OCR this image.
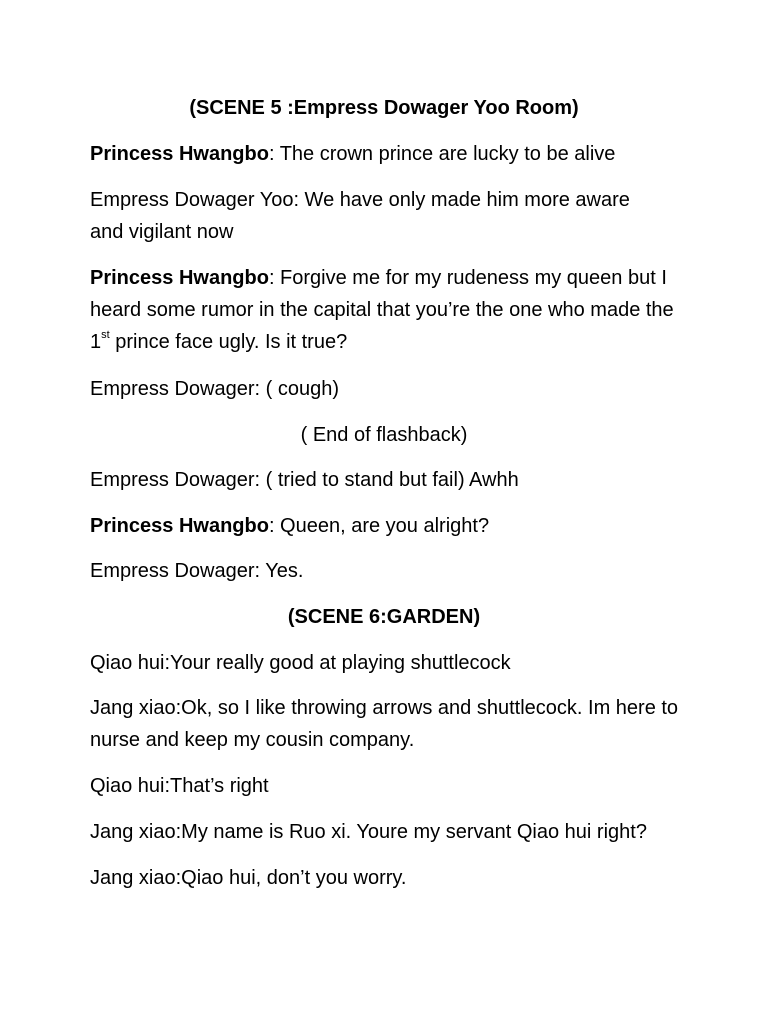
(SCENE 5 :Empress Dowager Yoo Room)
Princess Hwangbo: The crown prince are lucky to be alive
Empress Dowager Yoo: We have only made him more aware and vigilant now
Princess Hwangbo: Forgive me for my rudeness my queen but I heard some rumor in the capital that you’re the one who made the 1st prince face ugly. Is it true?
Empress Dowager: ( cough)
( End of flashback)
Empress Dowager: ( tried to stand but fail) Awhh
Princess Hwangbo: Queen, are you alright?
Empress Dowager: Yes.
(SCENE 6:GARDEN)
Qiao hui:Your really good at playing shuttlecock
Jang xiao:Ok, so I like throwing arrows and shuttlecock. Im here to nurse and keep my cousin company.
Qiao hui:That’s right
Jang xiao:My name is Ruo xi. Youre my servant Qiao hui right?
Jang xiao:Qiao hui, don’t you worry.
